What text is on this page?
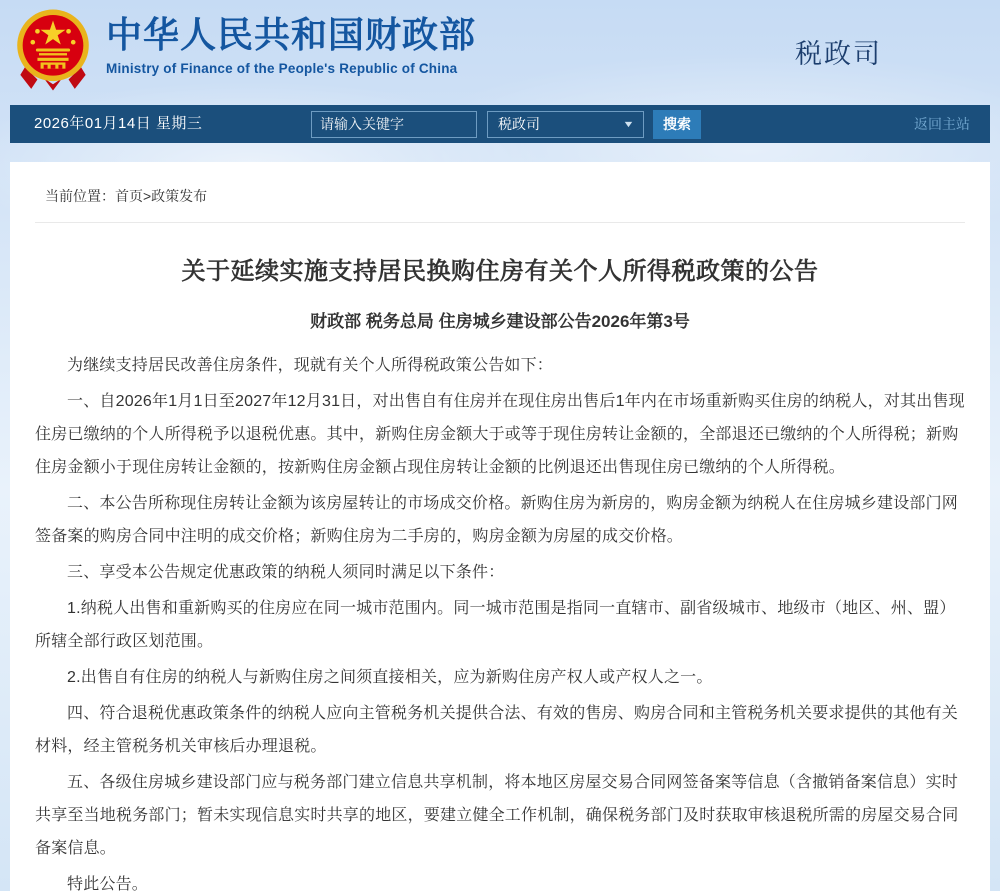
中华人民共和国财政部
Ministry of Finance of the People's Republic of China	税政司
2026年01月14日 星期三
请输入关键字	税政司	▼	搜索	返回主站
当前位置：首页>政策发布
关于延续实施支持居民换购住房有关个人所得税政策的公告
财政部 税务总局 住房城乡建设部公告2026年第3号

为继续支持居民改善住房条件，现就有关个人所得税政策公告如下：

一、自2026年1月1日至2027年12月31日，对出售自有住房并在现住房出售后1年内在市场重新购买住房的纳税人，对其出售现住房已缴纳的个人所得税予以退税优惠。其中，新购住房金额大于或等于现住房转让金额的，全部退还已缴纳的个人所得税；新购住房金额小于现住房转让金额的，按新购住房金额占现住房转让金额的比例退还出售现住房已缴纳的个人所得税。

二、本公告所称现住房转让金额为该房屋转让的市场成交价格。新购住房为新房的，购房金额为纳税人在住房城乡建设部门网签备案的购房合同中注明的成交价格；新购住房为二手房的，购房金额为房屋的成交价格。

三、享受本公告规定优惠政策的纳税人须同时满足以下条件：

1.纳税人出售和重新购买的住房应在同一城市范围内。同一城市范围是指同一直辖市、副省级城市、地级市（地区、州、盟）所辖全部行政区划范围。

2.出售自有住房的纳税人与新购住房之间须直接相关，应为新购住房产权人或产权人之一。

四、符合退税优惠政策条件的纳税人应向主管税务机关提供合法、有效的售房、购房合同和主管税务机关要求提供的其他有关材料，经主管税务机关审核后办理退税。

五、各级住房城乡建设部门应与税务部门建立信息共享机制，将本地区房屋交易合同网签备案等信息（含撤销备案信息）实时共享至当地税务部门；暂未实现信息实时共享的地区，要建立健全工作机制，确保税务部门及时获取审核退税所需的房屋交易合同备案信息。

特此公告。
